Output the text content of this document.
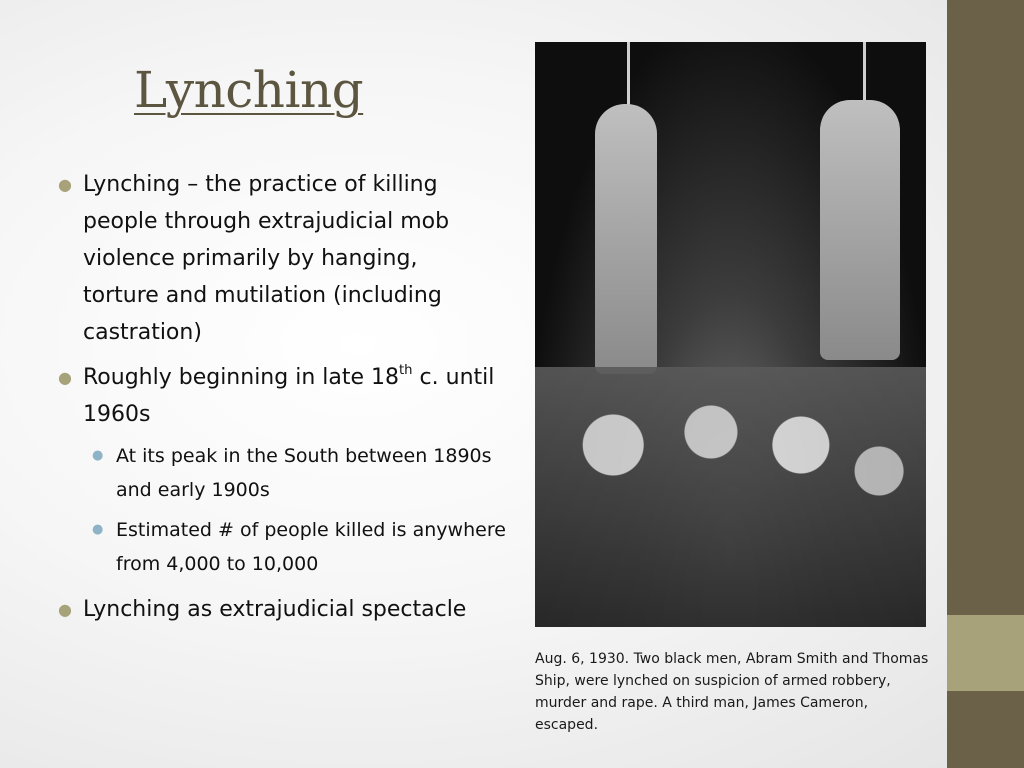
Lynching
● Lynching – the practice of killing people through extrajudicial mob violence primarily by hanging, torture and mutilation (including castration)
● Roughly beginning in late 18th c. until 1960s
● At its peak in the South between 1890s and early 1900s
● Estimated # of people killed is anywhere from 4,000 to 10,000
● Lynching as extrajudicial spectacle

Aug. 6, 1930. Two black men, Abram Smith and Thomas Ship, were lynched on suspicion of armed robbery, murder and rape. A third man, James Cameron, escaped.
